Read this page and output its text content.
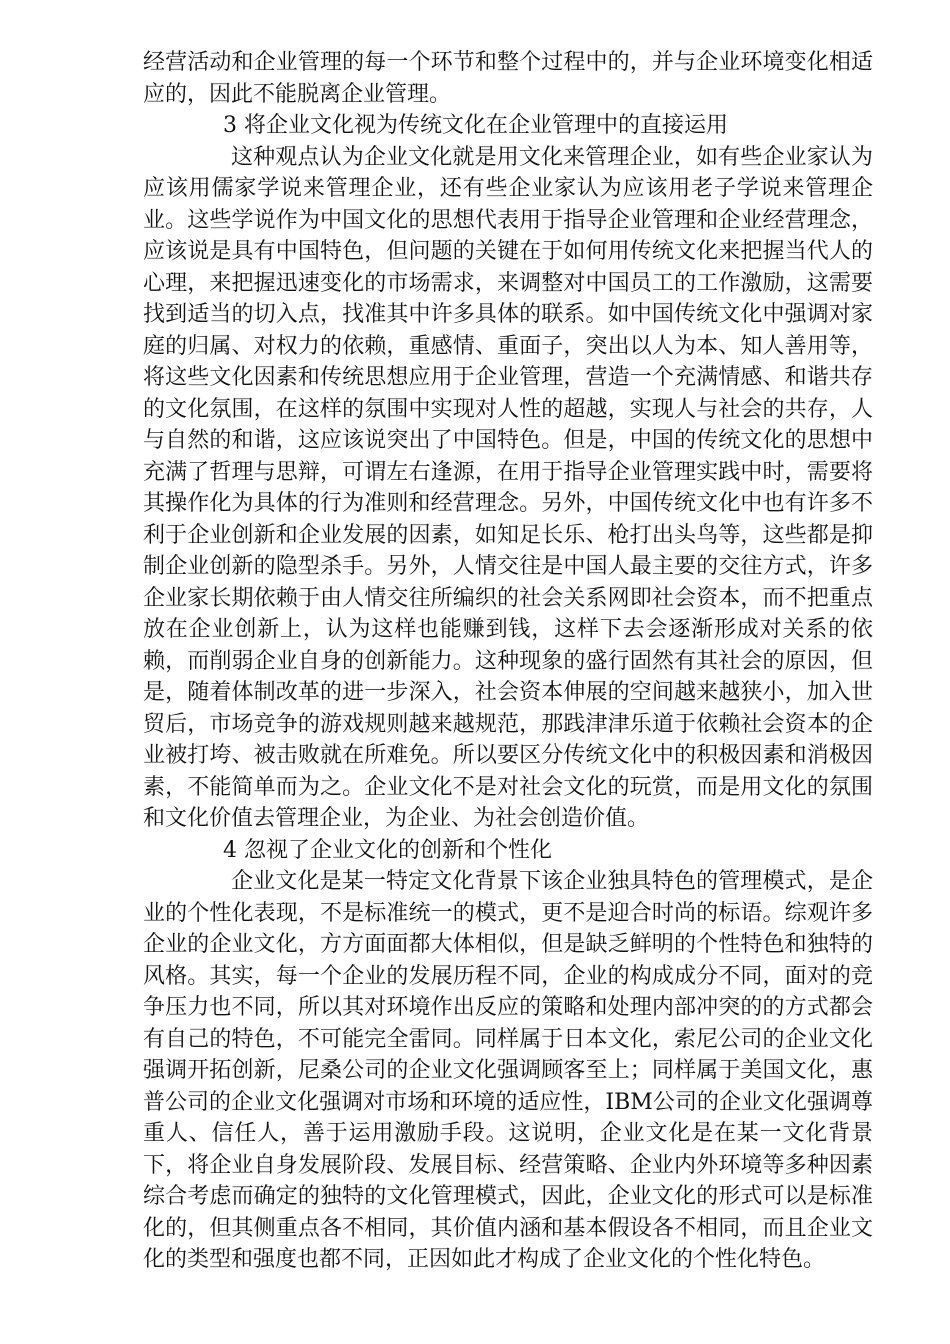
经营活动和企业管理的每一个环节和整个过程中的，并与企业环境变化相适应的，因此不能脱离企业管理。

3 将企业文化视为传统文化在企业管理中的直接运用

这种观点认为企业文化就是用文化来管理企业，如有些企业家认为应该用儒家学说来管理企业，还有些企业家认为应该用老子学说来管理企业。这些学说作为中国文化的思想代表用于指导企业管理和企业经营理念，应该说是具有中国特色，但问题的关键在于如何用传统文化来把握当代人的心理，来把握迅速变化的市场需求，来调整对中国员工的工作激励，这需要找到适当的切入点，找准其中许多具体的联系。如中国传统文化中强调对家庭的归属、对权力的依赖，重感情、重面子，突出以人为本、知人善用等，将这些文化因素和传统思想应用于企业管理，营造一个充满情感、和谐共存的文化氛围，在这样的氛围中实现对人性的超越，实现人与社会的共存，人与自然的和谐，这应该说突出了中国特色。但是，中国的传统文化的思想中充满了哲理与思辩，可谓左右逢源，在用于指导企业管理实践中时，需要将其操作化为具体的行为准则和经营理念。另外，中国传统文化中也有许多不利于企业创新和企业发展的因素，如知足长乐、枪打出头鸟等，这些都是抑制企业创新的隐型杀手。另外，人情交往是中国人最主要的交往方式，许多企业家长期依赖于由人情交往所编织的社会关系网即社会资本，而不把重点放在企业创新上，认为这样也能赚到钱，这样下去会逐渐形成对关系的依赖，而削弱企业自身的创新能力。这种现象的盛行固然有其社会的原因，但是，随着体制改革的进一步深入，社会资本伸展的空间越来越狭小，加入世贸后，市场竞争的游戏规则越来越规范，那践津津乐道于依赖社会资本的企业被打垮、被击败就在所难免。所以要区分传统文化中的积极因素和消极因素，不能简单而为之。企业文化不是对社会文化的玩赏，而是用文化的氛围和文化价值去管理企业，为企业、为社会创造价值。

4 忽视了企业文化的创新和个性化

企业文化是某一特定文化背景下该企业独具特色的管理模式，是企业的个性化表现，不是标准统一的模式，更不是迎合时尚的标语。综观许多企业的企业文化，方方面面都大体相似，但是缺乏鲜明的个性特色和独特的风格。其实，每一个企业的发展历程不同，企业的构成成分不同，面对的竞争压力也不同，所以其对环境作出反应的策略和处理内部冲突的的方式都会有自己的特色，不可能完全雷同。同样属于日本文化，索尼公司的企业文化强调开拓创新，尼桑公司的企业文化强调顾客至上；同样属于美国文化，惠普公司的企业文化强调对市场和环境的适应性，IBM公司的企业文化强调尊重人、信任人，善于运用激励手段。这说明，企业文化是在某一文化背景下，将企业自身发展阶段、发展目标、经营策略、企业内外环境等多种因素综合考虑而确定的独特的文化管理模式，因此，企业文化的形式可以是标准化的，但其侧重点各不相同，其价值内涵和基本假设各不相同，而且企业文化的类型和强度也都不同，正因如此才构成了企业文化的个性化特色。
